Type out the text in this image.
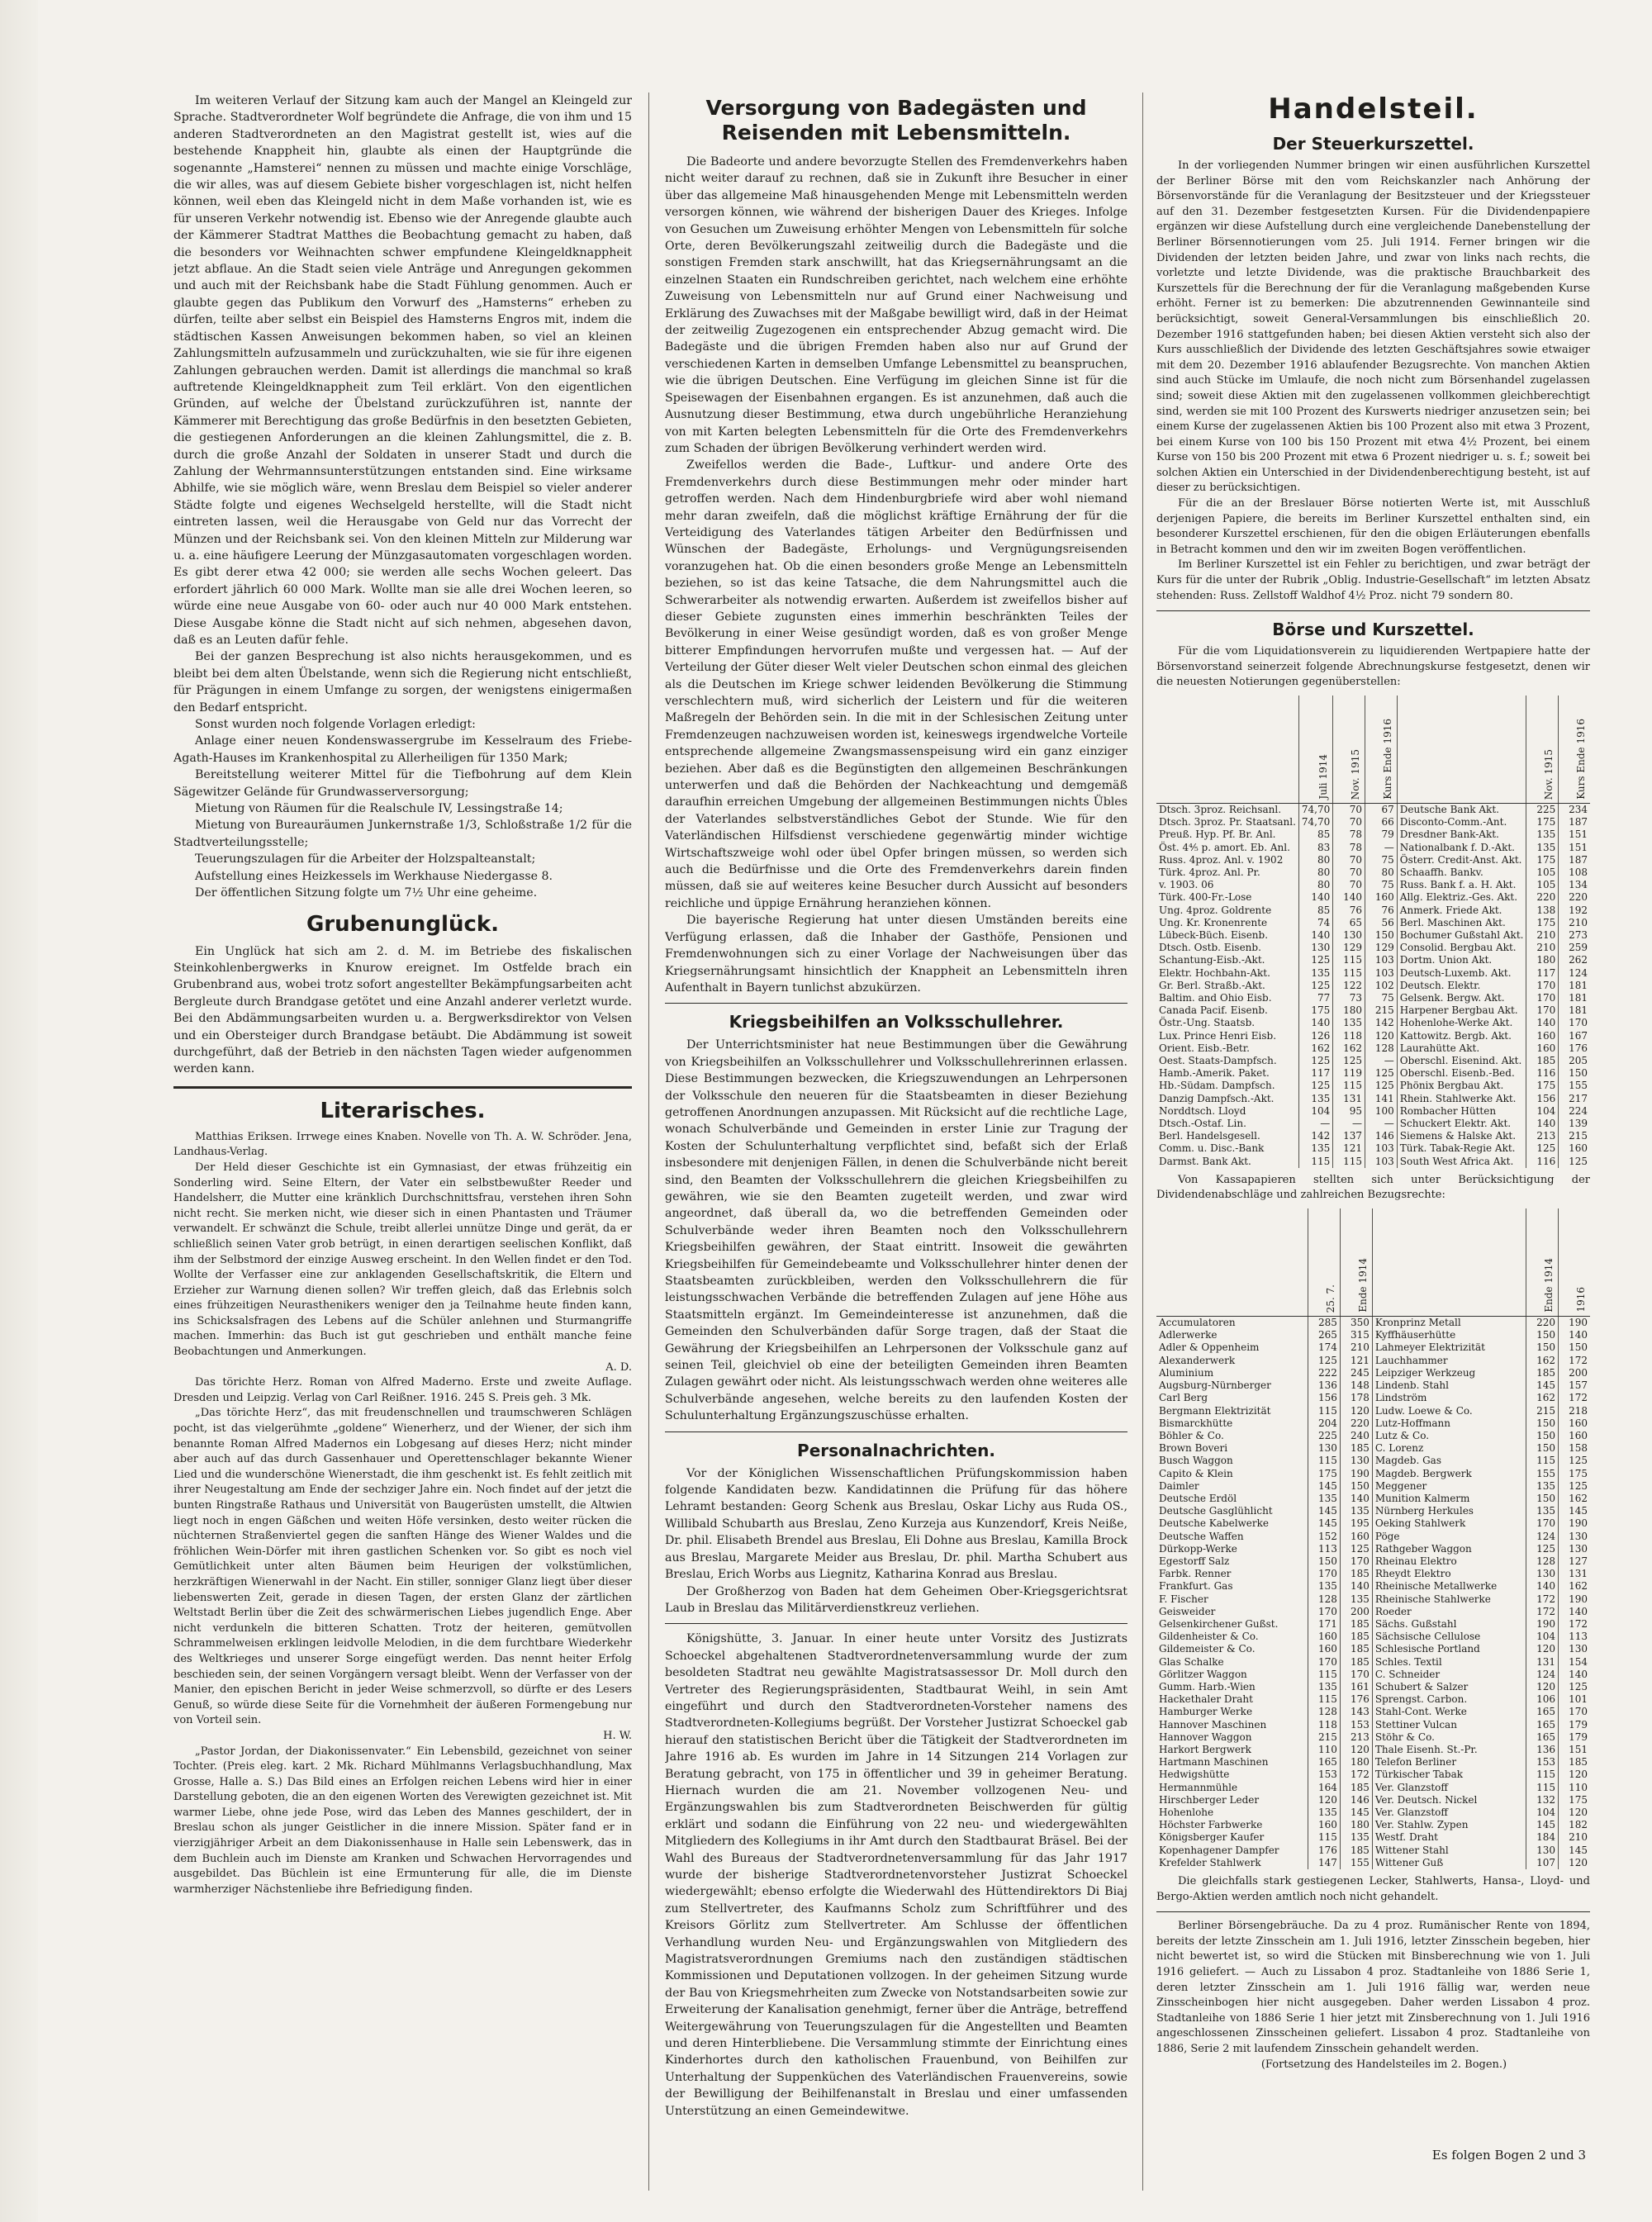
Im weiteren Verlauf der Sitzung kam auch der Mangel an Kleingeld zur Sprache. Stadtverordneter Wolf begründete die Anfrage, die von ihm und 15 anderen Stadtverordneten an den Magistrat gestellt ist, wies auf die bestehende Knappheit hin, glaubte als einen der Hauptgründe die sogenannte „Hamsterei“ nennen zu müssen und machte einige Vorschläge, die wir alles, was auf diesem Gebiete bisher vorgeschlagen ist, nicht helfen können, weil eben das Kleingeld nicht in dem Maße vorhanden ist, wie es für unseren Verkehr notwendig ist. Ebenso wie der Anregende glaubte auch der Kämmerer Stadtrat Matthes die Beobachtung gemacht zu haben, daß die besonders vor Weihnachten schwer empfundene Kleingeldknappheit jetzt abflaue. An die Stadt seien viele Anträge und Anregungen gekommen und auch mit der Reichsbank habe die Stadt Fühlung genommen. Auch er glaubte gegen das Publikum den Vorwurf des „Hamsterns“ erheben zu dürfen, teilte aber selbst ein Beispiel des Hamsterns Engros mit, indem die städtischen Kassen Anweisungen bekommen haben, so viel an kleinen Zahlungsmitteln aufzusammeln und zurückzuhalten, wie sie für ihre eigenen Zahlungen gebrauchen werden. Damit ist allerdings die manchmal so kraß auftretende Kleingeldknappheit zum Teil erklärt. Von den eigentlichen Gründen, auf welche der Übelstand zurückzuführen ist, nannte der Kämmerer mit Berechtigung das große Bedürfnis in den besetzten Gebieten, die gestiegenen Anforderungen an die kleinen Zahlungsmittel, die z. B. durch die große Anzahl der Soldaten in unserer Stadt und durch die Zahlung der Wehrmannsunterstützungen entstanden sind. Eine wirksame Abhilfe, wie sie möglich wäre, wenn Breslau dem Beispiel so vieler anderer Städte folgte und eigenes Wechselgeld herstellte, will die Stadt nicht eintreten lassen, weil die Herausgabe von Geld nur das Vorrecht der Münzen und der Reichsbank sei. Von den kleinen Mitteln zur Milderung war u. a. eine häufigere Leerung der Münzgasautomaten vorgeschlagen worden. Es gibt derer etwa 42 000; sie werden alle sechs Wochen geleert. Das erfordert jährlich 60 000 Mark. Wollte man sie alle drei Wochen leeren, so würde eine neue Ausgabe von 60- oder auch nur 40 000 Mark entstehen. Diese Ausgabe könne die Stadt nicht auf sich nehmen, abgesehen davon, daß es an Leuten dafür fehle.

Bei der ganzen Besprechung ist also nichts herausgekommen, und es bleibt bei dem alten Übelstande, wenn sich die Regierung nicht entschließt, für Prägungen in einem Umfange zu sorgen, der wenigstens einigermaßen den Bedarf entspricht.

Sonst wurden noch folgende Vorlagen erledigt:

Anlage einer neuen Kondenswassergrube im Kesselraum des Friebe-Agath-Hauses im Krankenhospital zu Allerheiligen für 1350 Mark;

Bereitstellung weiterer Mittel für die Tiefbohrung auf dem Klein Sägewitzer Gelände für Grundwasserversorgung;

Mietung von Räumen für die Realschule IV, Lessingstraße 14;

Mietung von Bureauräumen Junkernstraße 1/3, Schloßstraße 1/2 für die Stadtverteilungsstelle;

Teuerungszulagen für die Arbeiter der Holzspalteanstalt;

Aufstellung eines Heizkessels im Werkhause Niedergasse 8.

Der öffentlichen Sitzung folgte um 7½ Uhr eine geheime.

Grubenunglück.

Ein Unglück hat sich am 2. d. M. im Betriebe des fiskalischen Steinkohlenbergwerks in Knurow ereignet. Im Ostfelde brach ein Grubenbrand aus, wobei trotz sofort angestellter Bekämpfungsarbeiten acht Bergleute durch Brandgase getötet und eine Anzahl anderer verletzt wurde. Bei den Abdämmungsarbeiten wurden u. a. Bergwerksdirektor von Velsen und ein Obersteiger durch Brandgase betäubt. Die Abdämmung ist soweit durchgeführt, daß der Betrieb in den nächsten Tagen wieder aufgenommen werden kann.

Literarisches.

Matthias Eriksen. Irrwege eines Knaben. Novelle von Th. A. W. Schröder. Jena, Landhaus-Verlag.

Der Held dieser Geschichte ist ein Gymnasiast, der etwas frühzeitig ein Sonderling wird. Seine Eltern, der Vater ein selbstbewußter Reeder und Handelsherr, die Mutter eine kränklich Durchschnittsfrau, verstehen ihren Sohn nicht recht. Sie merken nicht, wie dieser sich in einen Phantasten und Träumer verwandelt. Er schwänzt die Schule, treibt allerlei unnütze Dinge und gerät, da er schließlich seinen Vater grob betrügt, in einen derartigen seelischen Konflikt, daß ihm der Selbstmord der einzige Ausweg erscheint. In den Wellen findet er den Tod. Wollte der Verfasser eine zur anklagenden Gesellschaftskritik, die Eltern und Erzieher zur Warnung dienen sollen? Wir treffen gleich, daß das Erlebnis solch eines frühzeitigen Neurasthenikers weniger den ja Teilnahme heute finden kann, ins Schicksalsfragen des Lebens auf die Schüler anlehnen und Sturmangriffe machen. Immerhin: das Buch ist gut geschrieben und enthält manche feine Beobachtungen und Anmerkungen.

A. D.

Das törichte Herz. Roman von Alfred Maderno. Erste und zweite Auflage. Dresden und Leipzig. Verlag von Carl Reißner. 1916. 245 S. Preis geh. 3 Mk.

„Das törichte Herz“, das mit freudenschnellen und traumschweren Schlägen pocht, ist das vielgerühmte „goldene“ Wienerherz, und der Wiener, der sich ihm benannte Roman Alfred Madernos ein Lobgesang auf dieses Herz; nicht minder aber auch auf das durch Gassenhauer und Operettenschlager bekannte Wiener Lied und die wunderschöne Wienerstadt, die ihm geschenkt ist. Es fehlt zeitlich mit ihrer Neugestaltung am Ende der sechziger Jahre ein. Noch findet auf der jetzt die bunten Ringstraße Rathaus und Universität von Baugerüsten umstellt, die Altwien liegt noch in engen Gäßchen und weiten Höfe versinken, desto weiter rücken die nüchternen Straßenviertel gegen die sanften Hänge des Wiener Waldes und die fröhlichen Wein-Dörfer mit ihren gastlichen Schenken vor. So gibt es noch viel Gemütlichkeit unter alten Bäumen beim Heurigen der volkstümlichen, herzkräftigen Wienerwahl in der Nacht. Ein stiller, sonniger Glanz liegt über dieser liebenswerten Zeit, gerade in diesen Tagen, der ersten Glanz der zärtlichen Weltstadt Berlin über die Zeit des schwärmerischen Liebes jugendlich Enge. Aber nicht verdunkeln die bitteren Schatten. Trotz der heiteren, gemütvollen Schrammelweisen erklingen leidvolle Melodien, in die dem furchtbare Wiederkehr des Weltkrieges und unserer Sorge eingefügt werden. Das nennt heiter Erfolg beschieden sein, der seinen Vorgängern versagt bleibt. Wenn der Verfasser von der Manier, den epischen Bericht in jeder Weise schmerzvoll, so dürfte er des Lesers Genuß, so würde diese Seite für die Vornehmheit der äußeren Formengebung nur von Vorteil sein.

H. W.

„Pastor Jordan, der Diakonissenvater.“ Ein Lebensbild, gezeichnet von seiner Tochter. (Preis eleg. kart. 2 Mk. Richard Mühlmanns Verlagsbuchhandlung, Max Grosse, Halle a. S.) Das Bild eines an Erfolgen reichen Lebens wird hier in einer Darstellung geboten, die an den eigenen Worten des Verewigten gezeichnet ist. Mit warmer Liebe, ohne jede Pose, wird das Leben des Mannes geschildert, der in Breslau schon als junger Geistlicher in die innere Mission. Später fand er in vierzigjähriger Arbeit an dem Diakonissenhause in Halle sein Lebenswerk, das in dem Buchlein auch im Dienste am Kranken und Schwachen Hervorragendes und ausgebildet. Das Büchlein ist eine Ermunterung für alle, die im Dienste warmherziger Nächstenliebe ihre Befriedigung finden.

Versorgung von Badegästen und Reisenden mit Lebensmitteln.

Die Badeorte und andere bevorzugte Stellen des Fremdenverkehrs haben nicht weiter darauf zu rechnen, daß sie in Zukunft ihre Besucher in einer über das allgemeine Maß hinausgehenden Menge mit Lebensmitteln werden versorgen können, wie während der bisherigen Dauer des Krieges. Infolge von Gesuchen um Zuweisung erhöhter Mengen von Lebensmitteln für solche Orte, deren Bevölkerungszahl zeitweilig durch die Badegäste und die sonstigen Fremden stark anschwillt, hat das Kriegsernährungsamt an die einzelnen Staaten ein Rundschreiben gerichtet, nach welchem eine erhöhte Zuweisung von Lebensmitteln nur auf Grund einer Nachweisung und Erklärung des Zuwachses mit der Maßgabe bewilligt wird, daß in der Heimat der zeitweilig Zugezogenen ein entsprechender Abzug gemacht wird. Die Badegäste und die übrigen Fremden haben also nur auf Grund der verschiedenen Karten in demselben Umfange Lebensmittel zu beanspruchen, wie die übrigen Deutschen. Eine Verfügung im gleichen Sinne ist für die Speisewagen der Eisenbahnen ergangen. Es ist anzunehmen, daß auch die Ausnutzung dieser Bestimmung, etwa durch ungebührliche Heranziehung von mit Karten belegten Lebensmitteln für die Orte des Fremdenverkehrs zum Schaden der übrigen Bevölkerung verhindert werden wird.

Zweifellos werden die Bade-, Luftkur- und andere Orte des Fremdenverkehrs durch diese Bestimmungen mehr oder minder hart getroffen werden. Nach dem Hindenburgbriefe wird aber wohl niemand mehr daran zweifeln, daß die möglichst kräftige Ernährung der für die Verteidigung des Vaterlandes tätigen Arbeiter den Bedürfnissen und Wünschen der Badegäste, Erholungs- und Vergnügungsreisenden voranzugehen hat. Ob die einen besonders große Menge an Lebensmitteln beziehen, so ist das keine Tatsache, die dem Nahrungsmittel auch die Schwerarbeiter als notwendig erwarten. Außerdem ist zweifellos bisher auf dieser Gebiete zugunsten eines immerhin beschränkten Teiles der Bevölkerung in einer Weise gesündigt worden, daß es von großer Menge bitterer Empfindungen hervorrufen mußte und vergessen hat. — Auf der Verteilung der Güter dieser Welt vieler Deutschen schon einmal des gleichen als die Deutschen im Kriege schwer leidenden Bevölkerung die Stimmung verschlechtern muß, wird sicherlich der Leistern und für die weiteren Maßregeln der Behörden sein. In die mit in der Schlesischen Zeitung unter Fremdenzeugen nachzuweisen worden ist, keineswegs irgendwelche Vorteile entsprechende allgemeine Zwangsmassenspeisung wird ein ganz einziger beziehen. Aber daß es die Begünstigten den allgemeinen Beschränkungen unterwerfen und daß die Behörden der Nachkeachtung und demgemäß daraufhin erreichen Umgebung der allgemeinen Bestimmungen nichts Übles der Vaterlandes selbstverständliches Gebot der Stunde. Wie für den Vaterländischen Hilfsdienst verschiedene gegenwärtig minder wichtige Wirtschaftszweige wohl oder übel Opfer bringen müssen, so werden sich auch die Bedürfnisse und die Orte des Fremdenverkehrs darein finden müssen, daß sie auf weiteres keine Besucher durch Aussicht auf besonders reichliche und üppige Ernährung heranziehen können.

Die bayerische Regierung hat unter diesen Umständen bereits eine Verfügung erlassen, daß die Inhaber der Gasthöfe, Pensionen und Fremdenwohnungen sich zu einer Vorlage der Nachweisungen über das Kriegsernährungsamt hinsichtlich der Knappheit an Lebensmitteln ihren Aufenthalt in Bayern tunlichst abzukürzen.

Kriegsbeihilfen an Volksschullehrer.

Der Unterrichtsminister hat neue Bestimmungen über die Gewährung von Kriegsbeihilfen an Volksschullehrer und Volksschullehrerinnen erlassen. Diese Bestimmungen bezwecken, die Kriegszuwendungen an Lehrpersonen der Volksschule den neueren für die Staatsbeamten in dieser Beziehung getroffenen Anordnungen anzupassen. Mit Rücksicht auf die rechtliche Lage, wonach Schulverbände und Gemeinden in erster Linie zur Tragung der Kosten der Schulunterhaltung verpflichtet sind, befaßt sich der Erlaß insbesondere mit denjenigen Fällen, in denen die Schulverbände nicht bereit sind, den Beamten der Volksschullehrern die gleichen Kriegsbeihilfen zu gewähren, wie sie den Beamten zugeteilt werden, und zwar wird angeordnet, daß überall da, wo die betreffenden Gemeinden oder Schulverbände weder ihren Beamten noch den Volksschullehrern Kriegsbeihilfen gewähren, der Staat eintritt. Insoweit die gewährten Kriegsbeihilfen für Gemeindebeamte und Volksschullehrer hinter denen der Staatsbeamten zurückbleiben, werden den Volksschullehrern die für leistungsschwachen Verbände die betreffenden Zulagen auf jene Höhe aus Staatsmitteln ergänzt. Im Gemeindeinteresse ist anzunehmen, daß die Gemeinden den Schulverbänden dafür Sorge tragen, daß der Staat die Gewährung der Kriegsbeihilfen an Lehrpersonen der Volksschule ganz auf seinen Teil, gleichviel ob eine der beteiligten Gemeinden ihren Beamten Zulagen gewährt oder nicht. Als leistungsschwach werden ohne weiteres alle Schulverbände angesehen, welche bereits zu den laufenden Kosten der Schulunterhaltung Ergänzungszuschüsse erhalten.

Personalnachrichten.

Vor der Königlichen Wissenschaftlichen Prüfungskommission haben folgende Kandidaten bezw. Kandidatinnen die Prüfung für das höhere Lehramt bestanden: Georg Schenk aus Breslau, Oskar Lichy aus Ruda OS., Willibald Schubarth aus Breslau, Zeno Kurzeja aus Kunzendorf, Kreis Neiße, Dr. phil. Elisabeth Brendel aus Breslau, Eli Dohne aus Breslau, Kamilla Brock aus Breslau, Margarete Meider aus Breslau, Dr. phil. Martha Schubert aus Breslau, Erich Worbs aus Liegnitz, Katharina Konrad aus Breslau.

Der Großherzog von Baden hat dem Geheimen Ober-Kriegsgerichtsrat Laub in Breslau das Militärverdienstkreuz verliehen.

Königshütte, 3. Januar. In einer heute unter Vorsitz des Justizrats Schoeckel abgehaltenen Stadtverordnetenversammlung wurde der zum besoldeten Stadtrat neu gewählte Magistratsassessor Dr. Moll durch den Vertreter des Regierungspräsidenten, Stadtbaurat Weihl, in sein Amt eingeführt und durch den Stadtverordneten-Vorsteher namens des Stadtverordneten-Kollegiums begrüßt. Der Vorsteher Justizrat Schoeckel gab hierauf den statistischen Bericht über die Tätigkeit der Stadtverordneten im Jahre 1916 ab. Es wurden im Jahre in 14 Sitzungen 214 Vorlagen zur Beratung gebracht, von 175 in öffentlicher und 39 in geheimer Beratung. Hiernach wurden die am 21. November vollzogenen Neu- und Ergänzungswahlen bis zum Stadtverordneten Beischwerden für gültig erklärt und sodann die Einführung von 22 neu- und wiedergewählten Mitgliedern des Kollegiums in ihr Amt durch den Stadtbaurat Bräsel. Bei der Wahl des Bureaus der Stadtverordnetenversammlung für das Jahr 1917 wurde der bisherige Stadtverordnetenvorsteher Justizrat Schoeckel wiedergewählt; ebenso erfolgte die Wiederwahl des Hüttendirektors Di Biaj zum Stellvertreter, des Kaufmanns Scholz zum Schriftführer und des Kreisors Görlitz zum Stellvertreter. Am Schlusse der öffentlichen Verhandlung wurden Neu- und Ergänzungswahlen von Mitgliedern des Magistratsverordnungen Gremiums nach den zuständigen städtischen Kommissionen und Deputationen vollzogen. In der geheimen Sitzung wurde der Bau von Kriegsmehrheiten zum Zwecke von Notstandsarbeiten sowie zur Erweiterung der Kanalisation genehmigt, ferner über die Anträge, betreffend Weitergewährung von Teuerungszulagen für die Angestellten und Beamten und deren Hinterbliebene. Die Versammlung stimmte der Einrichtung eines Kinderhortes durch den katholischen Frauenbund, von Beihilfen zur Unterhaltung der Suppenküchen des Vaterländischen Frauenvereins, sowie der Bewilligung der Beihilfenanstalt in Breslau und einer umfassenden Unterstützung an einen Gemeindewitwe.

Handelsteil.
Der Steuerkurszettel.

In der vorliegenden Nummer bringen wir einen ausführlichen Kurszettel der Berliner Börse mit den vom Reichskanzler nach Anhörung der Börsenvorstände für die Veranlagung der Besitzsteuer und der Kriegssteuer auf den 31. Dezember festgesetzten Kursen. Für die Dividendenpapiere ergänzen wir diese Aufstellung durch eine vergleichende Danebenstellung der Berliner Börsennotierungen vom 25. Juli 1914. Ferner bringen wir die Dividenden der letzten beiden Jahre, und zwar von links nach rechts, die vorletzte und letzte Dividende, was die praktische Brauchbarkeit des Kurszettels für die Berechnung der für die Veranlagung maßgebenden Kurse erhöht. Ferner ist zu bemerken: Die abzutrennenden Gewinnanteile sind berücksichtigt, soweit General-Versammlungen bis einschließlich 20. Dezember 1916 stattgefunden haben; bei diesen Aktien versteht sich also der Kurs ausschließlich der Dividende des letzten Geschäftsjahres sowie etwaiger mit dem 20. Dezember 1916 ablaufender Bezugsrechte. Von manchen Aktien sind auch Stücke im Umlaufe, die noch nicht zum Börsenhandel zugelassen sind; soweit diese Aktien mit den zugelassenen vollkommen gleichberechtigt sind, werden sie mit 100 Prozent des Kurswerts niedriger anzusetzen sein; bei einem Kurse der zugelassenen Aktien bis 100 Prozent also mit etwa 3 Prozent, bei einem Kurse von 100 bis 150 Prozent mit etwa 4½ Prozent, bei einem Kurse von 150 bis 200 Prozent mit etwa 6 Prozent niedriger u. s. f.; soweit bei solchen Aktien ein Unterschied in der Dividendenberechtigung besteht, ist auf dieser zu berücksichtigen.

Für die an der Breslauer Börse notierten Werte ist, mit Ausschluß derjenigen Papiere, die bereits im Berliner Kurszettel enthalten sind, ein besonderer Kurszettel erschienen, für den die obigen Erläuterungen ebenfalls in Betracht kommen und den wir im zweiten Bogen veröffentlichen.

Im Berliner Kurszettel ist ein Fehler zu berichtigen, und zwar beträgt der Kurs für die unter der Rubrik „Oblig. Industrie-Gesellschaft“ im letzten Absatz stehenden: Russ. Zellstoff Waldhof 4½ Proz. nicht 79 sondern 80.

Börse und Kurszettel.

Für die vom Liquidationsverein zu liquidierenden Wertpapiere hatte der Börsenvorstand seinerzeit folgende Abrechnungskurse festgesetzt, denen wir die neuesten Notierungen gegenüberstellen:

	Juli 1914	Nov. 1915	Kurs Ende 1916		Nov. 1915	Kurs Ende 1916
Dtsch. 3proz. Reichsanl.	74,70	70	67	Deutsche Bank Akt.	225	234
Dtsch. 3proz. Pr. Staatsanl.	74,70	70	66	Disconto-Comm.-Ant.	175	187
Preuß. Hyp. Pf. Br. Anl.	85	78	79	Dresdner Bank-Akt.	135	151
Öst. 4⅘ p. amort. Eb. Anl.	83	78	—	Nationalbank f. D.-Akt.	135	151
Russ. 4proz. Anl. v. 1902	80	70	75	Österr. Credit-Anst. Akt.	175	187
Türk. 4proz. Anl. Pr.	80	70	80	Schaaffh. Bankv.	105	108
v. 1903. 06	80	70	75	Russ. Bank f. a. H. Akt.	105	134
Türk. 400-Fr.-Lose	140	140	160	Allg. Elektriz.-Ges. Akt.	220	220
Ung. 4proz. Goldrente	85	76	76	Anmerk. Friede Akt.	138	192
Ung. Kr. Kronenrente	74	65	56	Berl. Maschinen Akt.	175	210
Lübeck-Büch. Eisenb.	140	130	150	Bochumer Gußstahl Akt.	210	273
Dtsch. Ostb. Eisenb.	130	129	129	Consolid. Bergbau Akt.	210	259
Schantung-Eisb.-Akt.	125	115	103	Dortm. Union Akt.	180	262
Elektr. Hochbahn-Akt.	135	115	103	Deutsch-Luxemb. Akt.	117	124
Gr. Berl. Straßb.-Akt.	125	122	102	Deutsch. Elektr.	170	181
Baltim. and Ohio Eisb.	77	73	75	Gelsenk. Bergw. Akt.	170	181
Canada Pacif. Eisenb.	175	180	215	Harpener Bergbau Akt.	170	181
Östr.-Ung. Staatsb.	140	135	142	Hohenlohe-Werke Akt.	140	170
Lux. Prince Henri Eisb.	126	118	120	Kattowitz. Bergb. Akt.	160	167
Orient. Eisb.-Betr.	162	162	128	Laurahütte Akt.	160	176
Oest. Staats-Dampfsch.	125	125	—	Oberschl. Eisenind. Akt.	185	205
Hamb.-Amerik. Paket.	117	119	125	Oberschl. Eisenb.-Bed.	116	150
Hb.-Südam. Dampfsch.	125	115	125	Phönix Bergbau Akt.	175	155
Danzig Dampfsch.-Akt.	135	131	141	Rhein. Stahlwerke Akt.	156	217
Norddtsch. Lloyd	104	95	100	Rombacher Hütten	104	224
Dtsch.-Ostaf. Lin.	—	—	—	Schuckert Elektr. Akt.	140	139
Berl. Handelsgesell.	142	137	146	Siemens & Halske Akt.	213	215
Comm. u. Disc.-Bank	135	121	103	Türk. Tabak-Regie Akt.	125	160
Darmst. Bank Akt.	115	115	103	South West Africa Akt.	116	125

Von Kassapapieren stellten sich unter Berücksichtigung der Dividendenabschläge und zahlreichen Bezugsrechte:

	25. 7.	Ende 1914		Ende 1914	1916
Accumulatoren	285	350	Kronprinz Metall	220	190
Adlerwerke	265	315	Kyffhäuserhütte	150	140
Adler & Oppenheim	174	210	Lahmeyer Elektrizität	150	150
Alexanderwerk	125	121	Lauchhammer	162	172
Aluminium	222	245	Leipziger Werkzeug	185	200
Augsburg-Nürnberger	136	148	Lindenb. Stahl	145	157
Carl Berg	156	178	Lindström	162	172
Bergmann Elektrizität	115	120	Ludw. Loewe & Co.	215	218
Bismarckhütte	204	220	Lutz-Hoffmann	150	160
Böhler & Co.	225	240	Lutz & Co.	150	160
Brown Boveri	130	185	C. Lorenz	150	158
Busch Waggon	115	130	Magdeb. Gas	115	125
Capito & Klein	175	190	Magdeb. Bergwerk	155	175
Daimler	145	150	Meggener	135	125
Deutsche Erdöl	135	140	Munition Kalmerm	150	162
Deutsche Gasglühlicht	145	135	Nürnberg Herkules	135	145
Deutsche Kabelwerke	145	195	Oeking Stahlwerk	170	190
Deutsche Waffen	152	160	Pöge	124	130
Dürkopp-Werke	113	125	Rathgeber Waggon	125	130
Egestorff Salz	150	170	Rheinau Elektro	128	127
Farbk. Renner	170	185	Rheydt Elektro	130	131
Frankfurt. Gas	135	140	Rheinische Metallwerke	140	162
F. Fischer	128	135	Rheinische Stahlwerke	172	190
Geisweider	170	200	Roeder	172	140
Gelsenkirchener Gußst.	171	185	Sächs. Gußstahl	190	172
Gildenheister & Co.	160	185	Sächsische Cellulose	104	113
Gildemeister & Co.	160	185	Schlesische Portland	120	130
Glas Schalke	170	185	Schles. Textil	131	154
Görlitzer Waggon	115	170	C. Schneider	124	140
Gumm. Harb.-Wien	135	161	Schubert & Salzer	120	125
Hackethaler Draht	115	176	Sprengst. Carbon.	106	101
Hamburger Werke	128	143	Stahl-Cont. Werke	165	170
Hannover Maschinen	118	153	Stettiner Vulcan	165	179
Hannover Waggon	215	213	Stöhr & Co.	165	179
Harkort Bergwerk	110	120	Thale Eisenh. St.-Pr.	136	151
Hartmann Maschinen	165	180	Telefon Berliner	153	185
Hedwigshütte	153	172	Türkischer Tabak	115	120
Hermannmühle	164	185	Ver. Glanzstoff	115	110
Hirschberger Leder	120	146	Ver. Deutsch. Nickel	132	175
Hohenlohe	135	145	Ver. Glanzstoff	104	120
Höchster Farbwerke	160	180	Ver. Stahlw. Zypen	145	182
Königsberger Kaufer	115	135	Westf. Draht	184	210
Kopenhagener Dampfer	176	185	Wittener Stahl	130	145
Krefelder Stahlwerk	147	155	Wittener Guß	107	120

Die gleichfalls stark gestiegenen Lecker, Stahlwerts, Hansa-, Lloyd- und Bergo-Aktien werden amtlich noch nicht gehandelt.

Berliner Börsengebräuche. Da zu 4 proz. Rumänischer Rente von 1894, bereits der letzte Zinsschein am 1. Juli 1916, letzter Zinsschein begeben, hier nicht bewertet ist, so wird die Stücken mit Binsberechnung wie von 1. Juli 1916 geliefert. — Auch zu Lissabon 4 proz. Stadtanleihe von 1886 Serie 1, deren letzter Zinsschein am 1. Juli 1916 fällig war, werden neue Zinsscheinbogen hier nicht ausgegeben. Daher werden Lissabon 4 proz. Stadtanleihe von 1886 Serie 1 hier jetzt mit Zinsberechnung von 1. Juli 1916 angeschlossenen Zinsscheinen geliefert. Lissabon 4 proz. Stadtanleihe von 1886, Serie 2 mit laufendem Zinsschein gehandelt werden.

(Fortsetzung des Handelsteiles im 2. Bogen.)

Es folgen Bogen 2 und 3
